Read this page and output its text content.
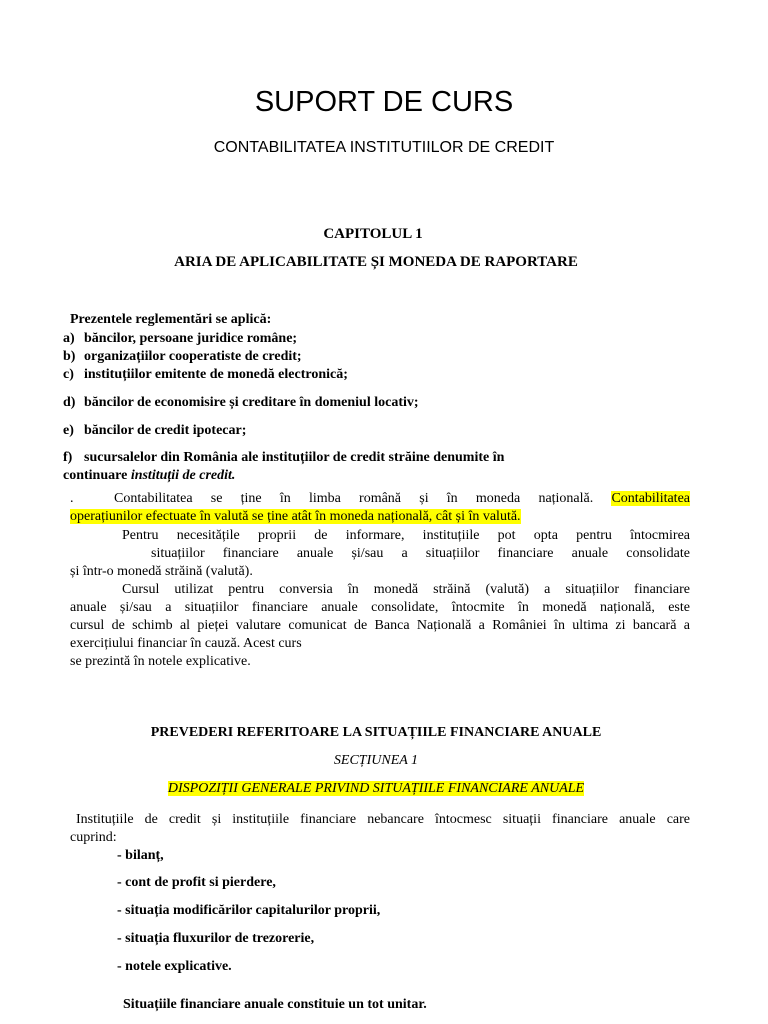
SUPORT DE CURS
CONTABILITATEA INSTITUTIILOR DE CREDIT
CAPITOLUL 1
ARIA DE APLICABILITATE ȘI MONEDA DE RAPORTARE
Prezentele reglementări se aplică:
a) băncilor, persoane juridice române;
b) organizațiilor cooperatiste de credit;
c) instituțiilor emitente de monedă electronică;
d) băncilor de economisire și creditare în domeniul locativ;
e) băncilor de credit ipotecar;
f) sucursalelor din România ale instituțiilor de credit străine denumite în
continuare instituții de credit.
.	Contabilitatea se ține în limba română și în moneda națională. Contabilitatea
operațiunilor efectuate în valută se ține atât în moneda națională, cât și în valută.
Pentru necesitățile proprii de informare, instituțiile pot opta pentru întocmirea
situațiilor financiare anuale și/sau a situațiilor financiare anuale consolidate
și într-o monedă străină (valută).
Cursul utilizat pentru conversia în monedă străină (valută) a situațiilor financiare
anuale și/sau a situațiilor financiare anuale consolidate, întocmite în monedă națională, este
cursul de schimb al pieței valutare comunicat de Banca Națională a României în ultima zi bancară a
exercițiului financiar în cauză. Acest curs
se prezintă în notele explicative.
PREVEDERI REFERITOARE LA SITUAȚIILE FINANCIARE ANUALE
SECȚIUNEA 1
DISPOZIȚII GENERALE PRIVIND SITUAȚIILE FINANCIARE ANUALE
Instituțiile de credit și instituțiile financiare nebancare întocmesc situații financiare anuale care
cuprind:
- bilanț,
- cont de profit si pierdere,
- situația modificărilor capitalurilor proprii,
- situația fluxurilor de trezorerie,
- notele explicative.
Situațiile financiare anuale constituie un tot unitar.
